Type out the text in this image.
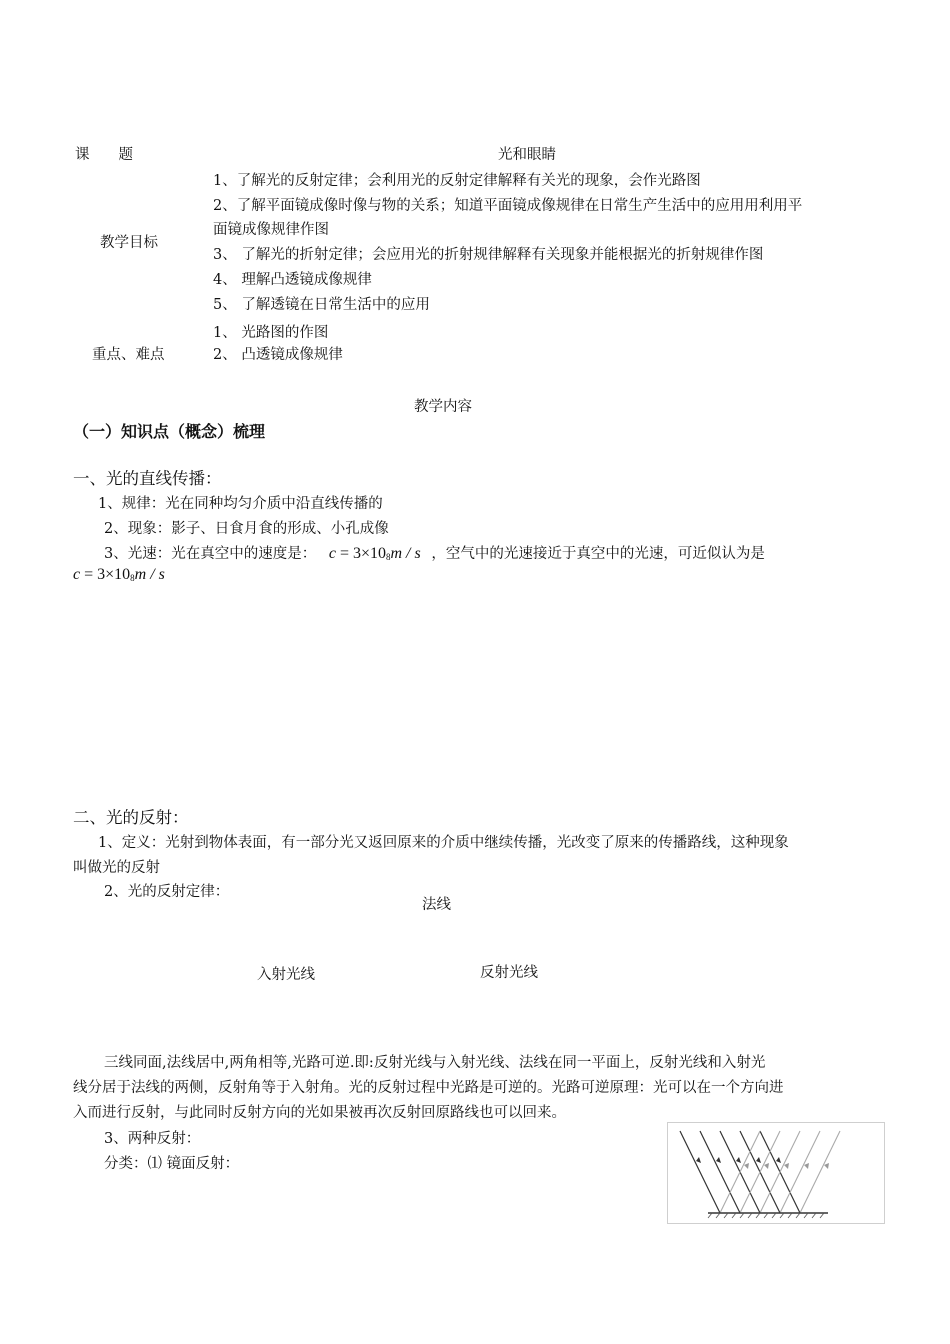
课　　题	光和眼睛
教学目标
1、了解光的反射定律；会利用光的反射定律解释有关光的现象，会作光路图
2、了解平面镜成像时像与物的关系；知道平面镜成像规律在日常生产生活中的应用用利用平
面镜成像规律作图
3、 了解光的折射定律；会应用光的折射规律解释有关现象并能根据光的折射规律作图
4、 理解凸透镜成像规律
5、 了解透镜在日常生活中的应用
重点、难点
1、 光路图的作图
2、 凸透镜成像规律
教学内容
（一）知识点（概念）梳理
一、光的直线传播：
1、规律：光在同种均匀介质中沿直线传播的
2、现象：影子、日食月食的形成、小孔成像
3、光速：光在真空中的速度是： $c = 3\times 10^8m / s$ ，空气中的光速接近于真空中的光速，可近似认为是
$c = 3\times 10^8m / s$
二、光的反射：
1、定义：光射到物体表面，有一部分光又返回原来的介质中继续传播，光改变了原来的传播路线，这种现象
叫做光的反射
2、光的反射定律：
法线
入射光线	反射光线
三线同面,法线居中,两角相等,光路可逆.即:反射光线与入射光线、法线在同一平面上，反射光线和入射光
线分居于法线的两侧，反射角等于入射角。光的反射过程中光路是可逆的。光路可逆原理：光可以在一个方向进
入而进行反射，与此同时反射方向的光如果被再次反射回原路线也可以回来。
3、两种反射：
分类：⑴ 镜面反射：
